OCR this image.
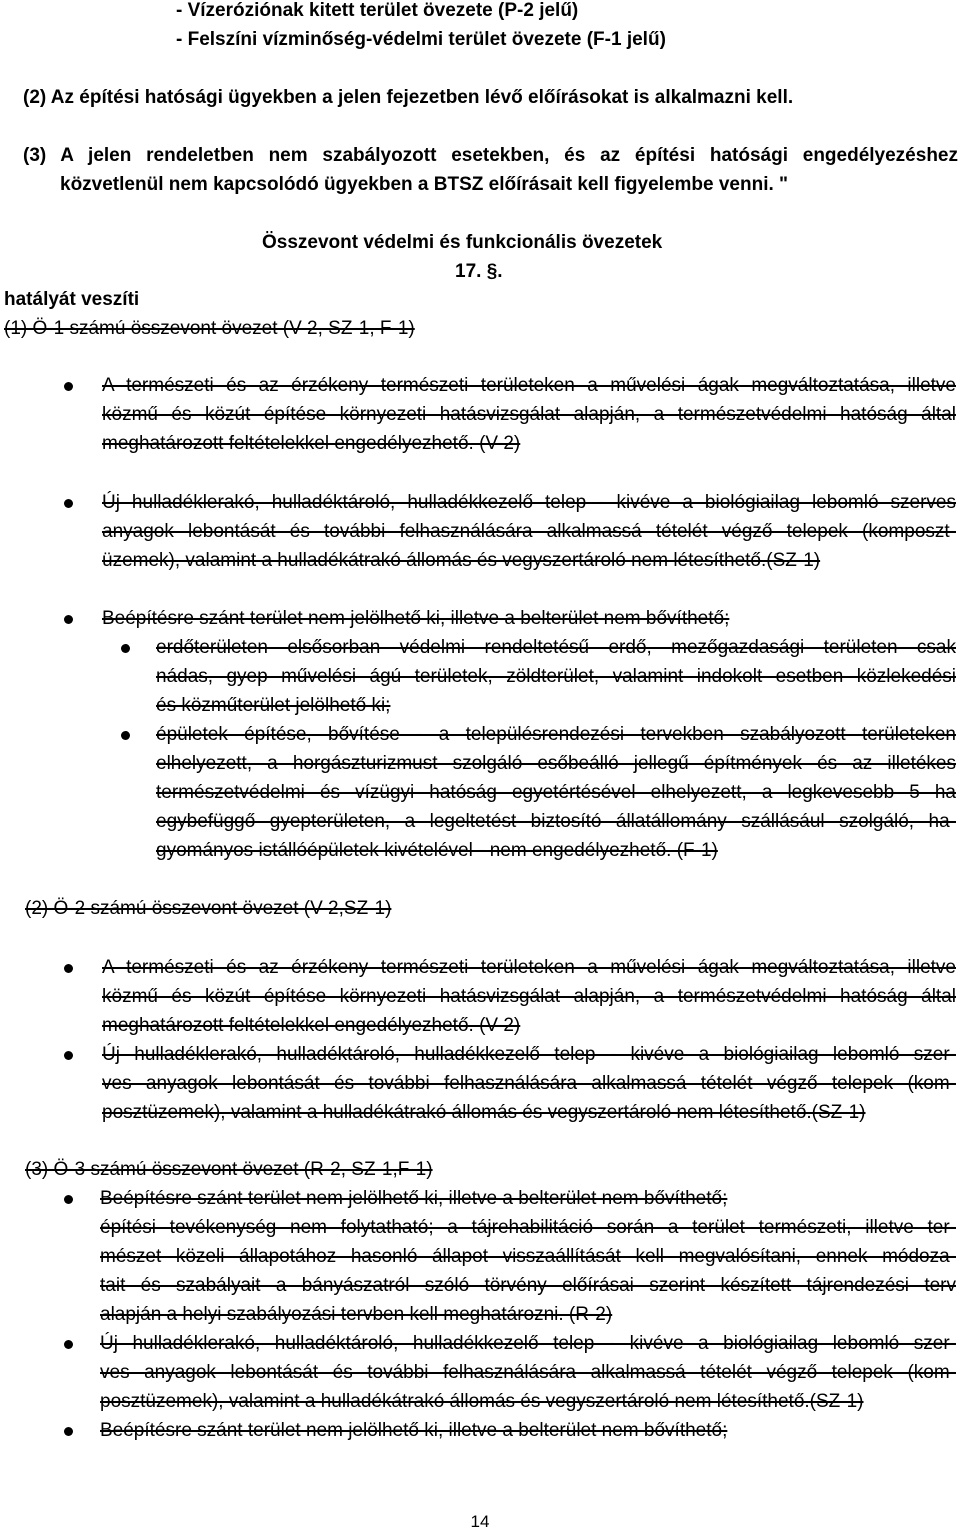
- Vízeróziónak kitett terület övezete (P-2 jelű)
- Felszíni vízminőség-védelmi terület övezete (F-1 jelű)
(2) Az építési hatósági ügyekben a jelen fejezetben lévő előírásokat is alkalmazni kell.
(3) A jelen rendeletben nem szabályozott esetekben, és az építési hatósági engedélyezéshez
közvetlenül nem kapcsolódó ügyekben a BTSZ előírásait kell figyelembe venni. "
Összevont védelmi és funkcionális övezetek
17. §.
hatályát veszíti
(1) Ö-1 számú összevont övezet (V-2, SZ-1, F-1)
A természeti és az érzékeny természeti területeken a művelési ágak megváltoztatása, illetve
közmű és közút építése környezeti hatásvizsgálat alapján, a természetvédelmi hatóság által
meghatározott feltételekkel engedélyezhető. (V-2)
Új hulladéklerakó, hulladéktároló, hulladékkezelő telep - kivéve a biológiailag lebomló szerves
anyagok lebontását és további felhasználására alkalmassá tételét végző telepek (komposzt-
üzemek), valamint a hulladékátrakó állomás és vegyszertároló nem létesíthető.(SZ-1)
Beépítésre szánt terület nem jelölhető ki, illetve a belterület nem bővíthető;
erdőterületen elsősorban védelmi rendeltetésű erdő, mezőgazdasági területen csak
nádas, gyep művelési ágú területek, zöldterület, valamint indokolt esetben közlekedési
és közműterület jelölhető ki;
épületek építése, bővítése - a településrendezési tervekben szabályozott területeken
elhelyezett, a horgászturizmust szolgáló esőbeálló jellegű építmények és az illetékes
természetvédelmi és vízügyi hatóság egyetértésével elhelyezett, a legkevesebb 5 ha
egybefüggő gyepterületen, a legeltetést biztosító állatállomány szállásául szolgáló, ha-
gyományos istállóépületek kivételével - nem engedélyezhető. (F-1)
(2) Ö-2 számú összevont övezet (V-2,SZ-1)
A természeti és az érzékeny természeti területeken a művelési ágak megváltoztatása, illetve
közmű és közút építése környezeti hatásvizsgálat alapján, a természetvédelmi hatóság által
meghatározott feltételekkel engedélyezhető. (V-2)
Új hulladéklerakó, hulladéktároló, hulladékkezelő telep - kivéve a biológiailag lebomló szer-
ves anyagok lebontását és további felhasználására alkalmassá tételét végző telepek (kom-
posztüzemek), valamint a hulladékátrakó állomás és vegyszertároló nem létesíthető.(SZ-1)
(3) Ö-3 számú összevont övezet (R-2, SZ-1,F-1)
Beépítésre szánt terület nem jelölhető ki, illetve a belterület nem bővíthető;
építési tevékenység nem folytatható; a tájrehabilitáció során a terület természeti, illetve ter-
mészet közeli állapotához hasonló állapot visszaállítását kell megvalósítani, ennek módoza-
tait és szabályait a bányászatról szóló törvény előírásai szerint készített tájrendezési terv
alapján a helyi szabályozási tervben kell meghatározni. (R-2)
Új hulladéklerakó, hulladéktároló, hulladékkezelő telep - kivéve a biológiailag lebomló szer-
ves anyagok lebontását és további felhasználására alkalmassá tételét végző telepek (kom-
posztüzemek), valamint a hulladékátrakó állomás és vegyszertároló nem létesíthető.(SZ-1)
Beépítésre szánt terület nem jelölhető ki, illetve a belterület nem bővíthető;
14
